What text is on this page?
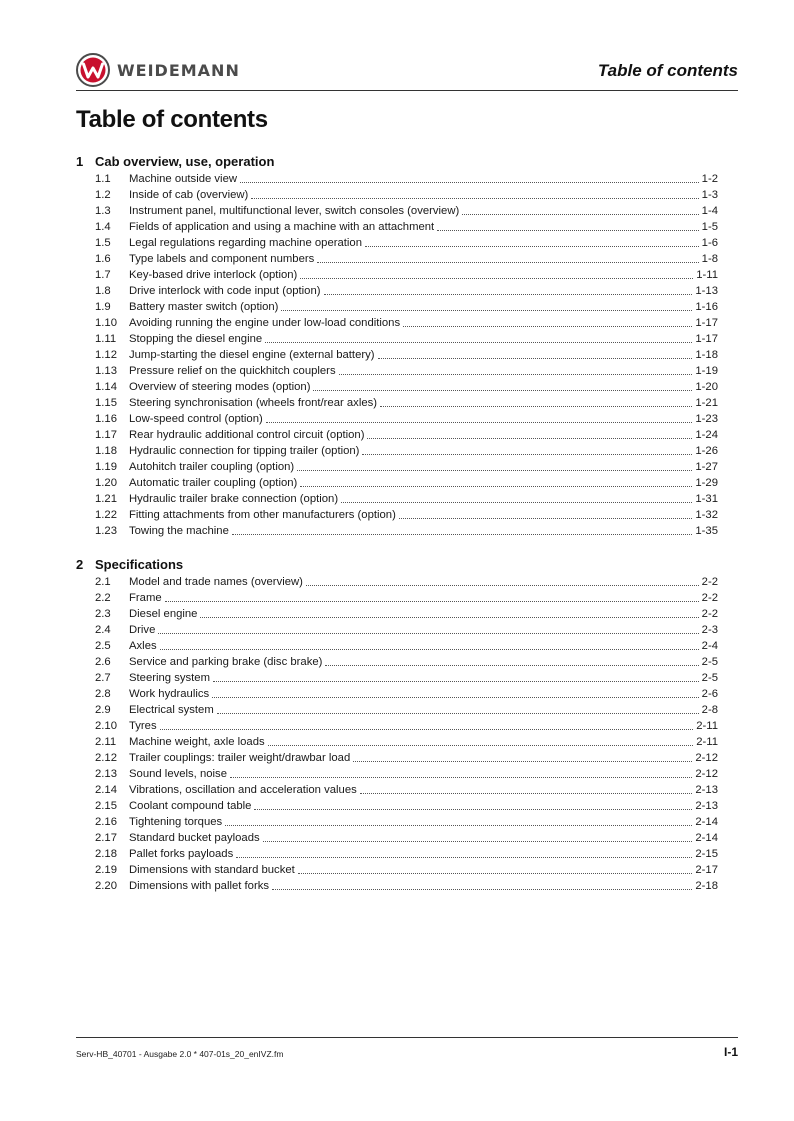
WEIDEMANN	Table of contents
Table of contents
1 Cab overview, use, operation
1.1	Machine outside view	1-2
1.2	Inside of cab (overview)	1-3
1.3	Instrument panel, multifunctional lever, switch consoles (overview)	1-4
1.4	Fields of application and using a machine with an attachment	1-5
1.5	Legal regulations regarding machine operation	1-6
1.6	Type labels and component numbers	1-8
1.7	Key-based drive interlock (option)	1-11
1.8	Drive interlock with code input (option)	1-13
1.9	Battery master switch (option)	1-16
1.10	Avoiding running the engine under low-load conditions	1-17
1.11	Stopping the diesel engine	1-17
1.12	Jump-starting the diesel engine (external battery)	1-18
1.13	Pressure relief on the quickhitch couplers	1-19
1.14	Overview of steering modes (option)	1-20
1.15	Steering synchronisation (wheels front/rear axles)	1-21
1.16	Low-speed control (option)	1-23
1.17	Rear hydraulic additional control circuit (option)	1-24
1.18	Hydraulic connection for tipping trailer (option)	1-26
1.19	Autohitch trailer coupling (option)	1-27
1.20	Automatic trailer coupling (option)	1-29
1.21	Hydraulic trailer brake connection (option)	1-31
1.22	Fitting attachments from other manufacturers (option)	1-32
1.23	Towing the machine	1-35
2 Specifications
2.1	Model and trade names (overview)	2-2
2.2	Frame	2-2
2.3	Diesel engine	2-2
2.4	Drive	2-3
2.5	Axles	2-4
2.6	Service and parking brake (disc brake)	2-5
2.7	Steering system	2-5
2.8	Work hydraulics	2-6
2.9	Electrical system	2-8
2.10	Tyres	2-11
2.11	Machine weight, axle loads	2-11
2.12	Trailer couplings: trailer weight/drawbar load	2-12
2.13	Sound levels, noise	2-12
2.14	Vibrations, oscillation and acceleration values	2-13
2.15	Coolant compound table	2-13
2.16	Tightening torques	2-14
2.17	Standard bucket payloads	2-14
2.18	Pallet forks payloads	2-15
2.19	Dimensions with standard bucket	2-17
2.20	Dimensions with pallet forks	2-18
Serv-HB_40701 - Ausgabe 2.0 * 407-01s_20_enIVZ.fm	I-1
